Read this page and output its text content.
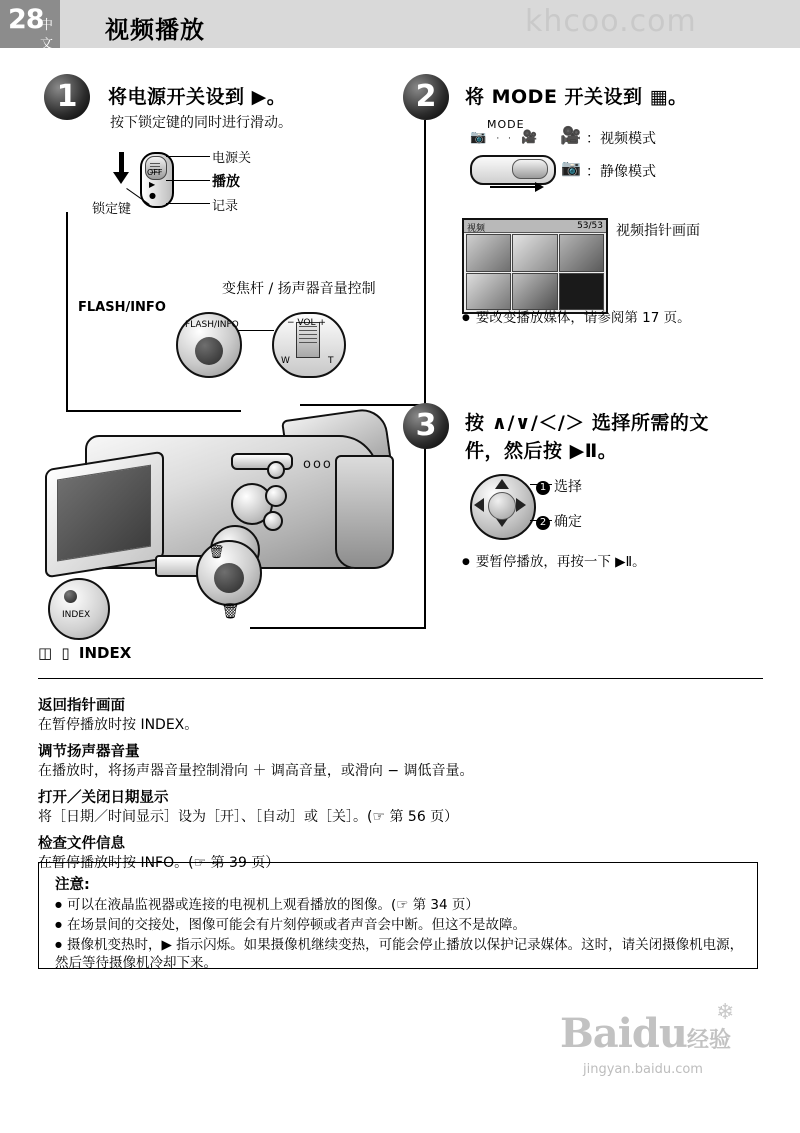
28
中文
视频播放	khcoo.com
1	将电源开关设到 ▶。
按下锁定键的同时进行滑动。
OFF
▶
●
电源关
播放
记录
锁定键
2	将 MODE 开关设到 ▦。
MODE
📷 · · 🎥 🎥 ：视频模式
📷 ：静像模式
视频	53/53 视频指针画面
● 要改变播放媒体，请参阅第 17 页。
变焦杆 / 扬声器音量控制
FLASH/INFO
FLASH/INFO	− VOL +
W	T
ooo
🗑
🗑
INDEX
◫ ▯ INDEX
3	按 ∧/∨/＜/＞ 选择所需的文
件，然后按 ▶Ⅱ。
1 选择
2 确定
● 要暂停播放，再按一下 ▶Ⅱ。
返回指针画面
在暂停播放时按 INDEX。
调节扬声器音量
在播放时，将扬声器音量控制滑向 ＋ 调高音量，或滑向 − 调低音量。
打开／关闭日期显示
将［日期／时间显示］设为［开］、［自动］或［关］。(☞ 第 56 页）
检查文件信息
在暂停播放时按 INFO。(☞ 第 39 页）
注意:
● 可以在液晶监视器或连接的电视机上观看播放的图像。(☞ 第 34 页）
● 在场景间的交接处，图像可能会有片刻停顿或者声音会中断。但这不是故障。
● 摄像机变热时，▶ 指示闪烁。如果摄像机继续变热，可能会停止播放以保护记录媒体。这时，请关闭摄像机电源，然后等待摄像机冷却下来。
Baidu经验
❄
jingyan.baidu.com
